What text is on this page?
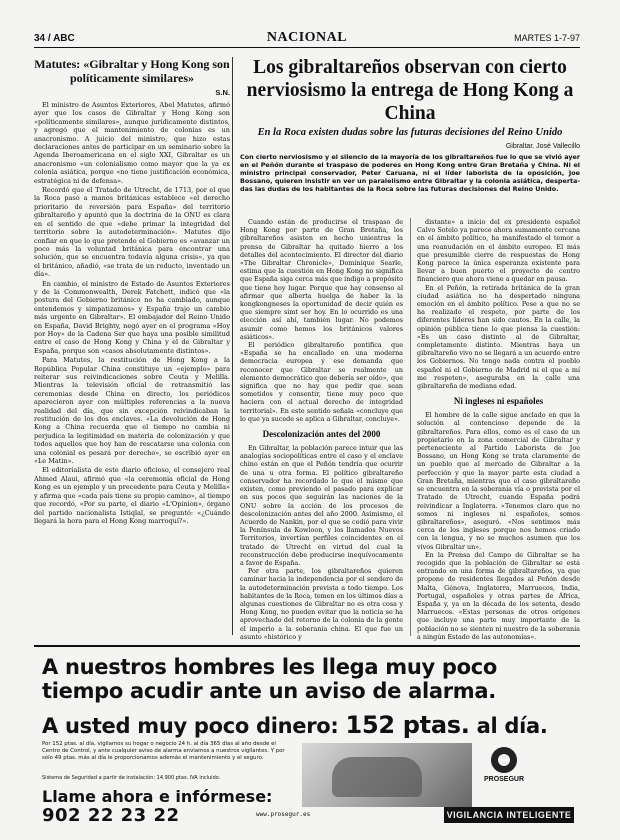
34 / ABC	NACIONAL	MARTES 1-7-97
Matutes: «Gibraltar y Hong Kong son políticamente similares»
S.N.

El ministro de Asuntos Exteriores, Abel Matutes, afirmó ayer que los casos de Gibraltar y Hong Kong son «políticamente similares», aunque jurídicamente distintos, y agregó que el mantenimiento de colonias es un anacronismo. A juicio del ministro, que hizo estas declaraciones antes de participar en un seminario sobre la Agenda Iberoamericana en el siglo XXI, Gibraltar es un anacronismo «un colonialismo como mayor que la ya ex colonia asiática, porque «no tiene justificación económica, estratégica ni de defensa».

Recordó que el Tratado de Utrecht, de 1713, por el que la Roca pasó a manos británicas establece «el derecho prioritario de reversión para España» del territorio gibraltareño y apuntó que la doctrina de la ONU es clara en el sentido de que «debe primar la integridad del territorio sobre la autodeterminación». Matutes dijo confiar en que lo que pretende el Gobierno es «avanzar un poco más la voluntad británica para encontrar una solución, que se encuentra todavía alguna crisis», ya que el británico, añadió, «se trata de un reducto, inventado un día».

En cambio, el ministro de Estado de Asuntos Exteriores y de la Commonwealth, Derek Fatchett, indicó que «la postura del Gobierno británico no ha cambiado, aunque entendemos y simpatizamos» y España trajo un cambio más urgente en Gibraltar». El embajador del Reino Unido en España, David Brighty, negó ayer en el programa «Hoy por Hoy» de la Cadena Ser que haya una posible similitud entre el caso de Hong Kong y China y el de Gibraltar y España, porque son «casos absolutamente distintos».

Para Matutes, la restitución de Hong Kong a la República Popular China constituye un «ejemplo» para reiterar sus reivindicaciones sobre Ceuta y Melilla. Mientras la televisión oficial de retransmitió las ceremonias desde China en directo, los periódicos aparecieron ayer con múltiples referencias a la nueva realidad del día, que sin excepción reivindicaban la restitución de los dos enclaves. «La devolución de Hong Kong a China recuerda que el tiempo no cambia ni perjudica la legitimidad en materia de colonización y que todos aquellos que hoy han de rescatarse una colonia con una colonial es pesará por derecho», se escribió ayer en «Le Matin».

El editorialista de este diario oficioso, el consejero real Ahmed Alaui, afirmó que «la ceremonia oficial de Hong Kong es un ejemplo y un precedente para Ceuta y Melilla» y afirma que «cada país tiene su propio camino», al tiempo que recordó, «Por su parte, el diario «L'Opinion», órgano del partido nacionalista Istiqlal, se preguntó: «¿Cuándo llegará la hora para el Hong Kong marroquí?».

Los gibraltareños observan con cierto nerviosismo la entrega de Hong Kong a China
En la Roca existen dudas sobre las futuras decisiones del Reino Unido
Gibraltar. José Vallecillo
Con cierto nerviosismo y el silencio de la mayoría de los gibraltareños fue lo que se vivió ayer en el Peñón durante el traspaso de poderes en Hong Kong entre Gran Bretaña y China. Ni el ministro principal conservador, Peter Caruana, ni el líder laborista de la oposición, Joe Bossano, quieren insistir en ver un paralelismo entre Gibraltar y la colonia asiática, despertadas las dudas de los habitantes de la Roca sobre las futuras decisiones del Reino Unido.

Cuando están de producirse el traspaso de Hong Kong por parte de Gran Bretaña, los gibraltareños asisten en hecho unientras la prensa de Gibraltar ha quitado hierro a los detalles del acontecimiento. El director del diario «The Gibraltar Chronicle», Dominique Searle, estima que la cuestión en Hong Kong no significa que España siga cerca más que indigo a propósito que tiene hoy lugar. Porque que hay consenso al afirmar que alberta huelga de haber la la kongkongneses la oportunidad de decir quién es que siempre simt ser hoy. En lo ocurrido es una elección así ahí, también lugar. No podemos asumir como hemos los británicos valores asiáticos».

El periódico gibraltareño pontifica que «España se ha encallado en una moderna democracia europea y ese demanda que reconocer que Gibraltar se realmente un elemento democrático que debería ser oído», que significa que no hay que pedir que sean sometidos y consentir, tiene muy poco que haciera con el actual derecho de integridad territorial». En este sentido señala «concluye que lo que ya sucede se aplica a Gibraltar, concluye».

Descolonización antes del 2000

En Gibraltar, la población parece intuir que las analogías sociopolíticas entre el caso y el enclave chino están en que el Peñón tendría que ocurrir de una u otra forma. El político gibraltareño conservador ha recordado lo que el mismo que existen, como previendo el pasado para explicar en sus pocos que seguirán las naciones de la ONU sobre la acción de los procesos de descolonización antes del año 2000. Asimismo, el Acuerdo de Nankin, por el que se cedió para vivir la Península de Kowloon, y los llamados Nuevos Territorios, invertían perfiles coincidentes en el tratado de Utrecht en virtud del cual la reconstrucción debe producirse inequívocamente a favor de España.

Por otra parte, los gibraltareños quieren caminar hacia la independencia por el sendero de la autodeterminación prevista a todo tiempo. Los habitantes de la Roca, temen en los últimos días a algunas cuestiones de Gibraltar no es otra cosa y Hong Kong, no pueden evitar que la noticia se ha aprovechado del retorno de la colonia de la gente el imperio a la soberanía china. El que fue un asunto «histórico y

distante» a inicio del ex presidente español Calvo Sotelo ya parece ahora sumamente cercana en el ámbito político, ha manifestado el temor a una reanudación en el ámbito europeo. El más que presumible cierre de respuestas de Hong Kong parece la única esperanza existente para llevar a buen puerto el proyecto de centro financiero que ahora viene a quedar en pausa.

En el Peñón, la retirada británica de la gran ciudad asiática no ha despertado ninguna emoción en el ámbito político. Pese a que no se ha realizado el respeto, por parte de los diferentes líderes han sido cautos. En la calle, la opinión pública tiene lo que piensa la cuestión: «Es un caso distinto al de Gibraltar, completamente distinto. Mientras haya un gibraltareño vivo no se llegará a un acuerdo entre los Gobiernos. No tengo nada contra el pueblo español ni el Gobierno de Madrid ni el que a mí me respeten», aseguraba en la calle una gibraltareña de mediana edad.

Ni ingleses ni españoles

El hombre de la calle sigue anclado en que la solución al contencioso depende de la gibraltareños. Para ellos, como es el caso de un propietario en la zona comercial de Gibraltar y perteneciente al Partido Laborista de Joe Bossano, un Hong Kong se trata claramente de un pueblo que al mercado de Gibraltar a la perfección y que la mayor parte esta ciudad a Gran Bretaña, mientras que el caso gibraltareño se encuentra en la soberanía vía o prevista por el Tratado de Utrecht, cuando España podrá reivindicar a Inglaterra. «Tenemos claro que no somos ni ingleses ni españoles, somos gibraltareños», aseguró. «Nos sentimos más cerca de los ingleses porque nos hemos criado con la lengua, y no se muchos asumen que los vivos Gibraltar un».

En la Prensa del Campo de Gibraltar se ha recogido que la población de Gibraltar se está entrando en una forma de gibraltareños, ya que propone de residentes llegados al Peñón desde Malta, Génova, Inglaterra, Marruecos, India, Portugal, españoles y otras partes de África, España y, ya en la década de los setenta, desde Marruecos. «Estas personas de otros orígenes que incluye una parte muy importante de la población no se sienten ni nuestro de la soberanía a ningún Estado de las autonomías».

A nuestros hombres les llega muy poco tiempo acudir ante un aviso de alarma.
A usted muy poco dinero: 152 ptas. al día.
Por 152 ptas. al día, vigilamos su hogar o negocio 24 h. al día 365 días al año desde el Centro de Control, y ante cualquier aviso de alarma enviamos a nuestros vigilantes. Y por sólo 49 ptas. más al día le proporcionamos además el mantenimiento y el seguro.
Sistema de Seguridad a partir de instalación: 14.900 ptas. IVA incluido.
Llame ahora e infórmese:
902 22 23 22	www.prosegur.es
PROSEGUR
VIGILANCIA INTELIGENTE
